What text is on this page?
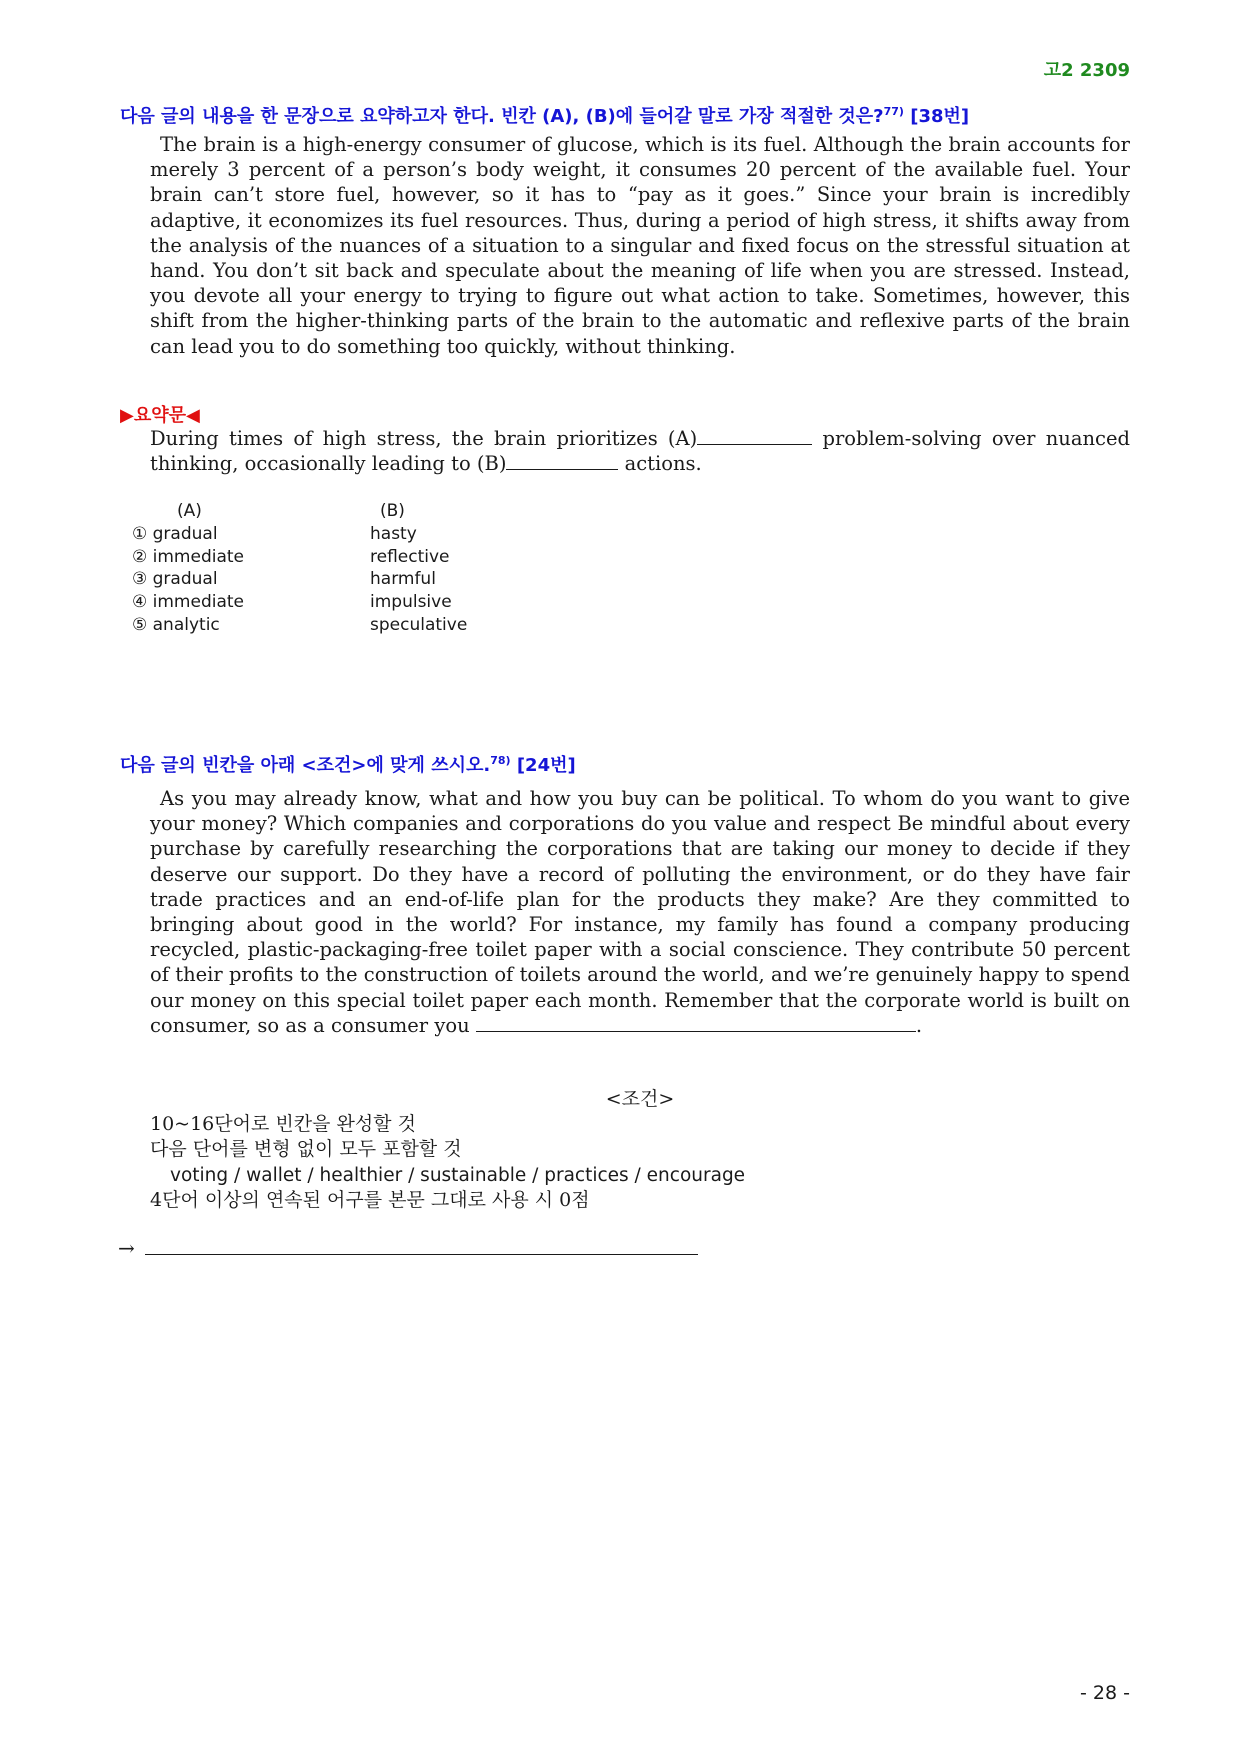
고2 2309
다음 글의 내용을 한 문장으로 요약하고자 한다. 빈칸 (A), (B)에 들어갈 말로 가장 적절한 것은?$^{77)}$ [38번]

The brain is a high-energy consumer of glucose, which is its fuel. Although the brain accounts for merely 3 percent of a person’s body weight, it consumes 20 percent of the available fuel. Your brain can’t store fuel, however, so it has to “pay as it goes.” Since your brain is incredibly adaptive, it economizes its fuel resources. Thus, during a period of high stress, it shifts away from the analysis of the nuances of a situation to a singular and fixed focus on the stressful situation at hand. You don’t sit back and speculate about the meaning of life when you are stressed. Instead, you devote all your energy to trying to figure out what action to take. Sometimes, however, this shift from the higher-thinking parts of the brain to the automatic and reflexive parts of the brain can lead you to do something too quickly, without thinking.

▶요약문◀
During times of high stress, the brain prioritizes (A)	problem-solving over nuanced thinking, occasionally leading to (B)	actions.
(A)	(B)
① gradual	hasty
② immediate	reflective
③ gradual	harmful
④ immediate	impulsive
⑤ analytic	speculative
다음 글의 빈칸을 아래 <조건>에 맞게 쓰시오.$^{78)}$ [24번]

As you may already know, what and how you buy can be political. To whom do you want to give your money? Which companies and corporations do you value and respect Be mindful about every purchase by carefully researching the corporations that are taking our money to decide if they deserve our support. Do they have a record of polluting the environment, or do they have fair trade practices and an end-of-life plan for the products they make? Are they committed to bringing about good in the world? For instance, my family has found a company producing recycled, plastic-packaging-free toilet paper with a social conscience. They contribute 50 percent of their profits to the construction of toilets around the world, and we’re genuinely happy to spend our money on this special toilet paper each month. Remember that the corporate world is built on consumer, so as a consumer you	.

<조건>
10~16단어로 빈칸을 완성할 것
다음 단어를 변형 없이 모두 포함할 것
voting / wallet / healthier / sustainable / practices / encourage
4단어 이상의 연속된 어구를 본문 그대로 사용 시 0점
→
- 28 -
